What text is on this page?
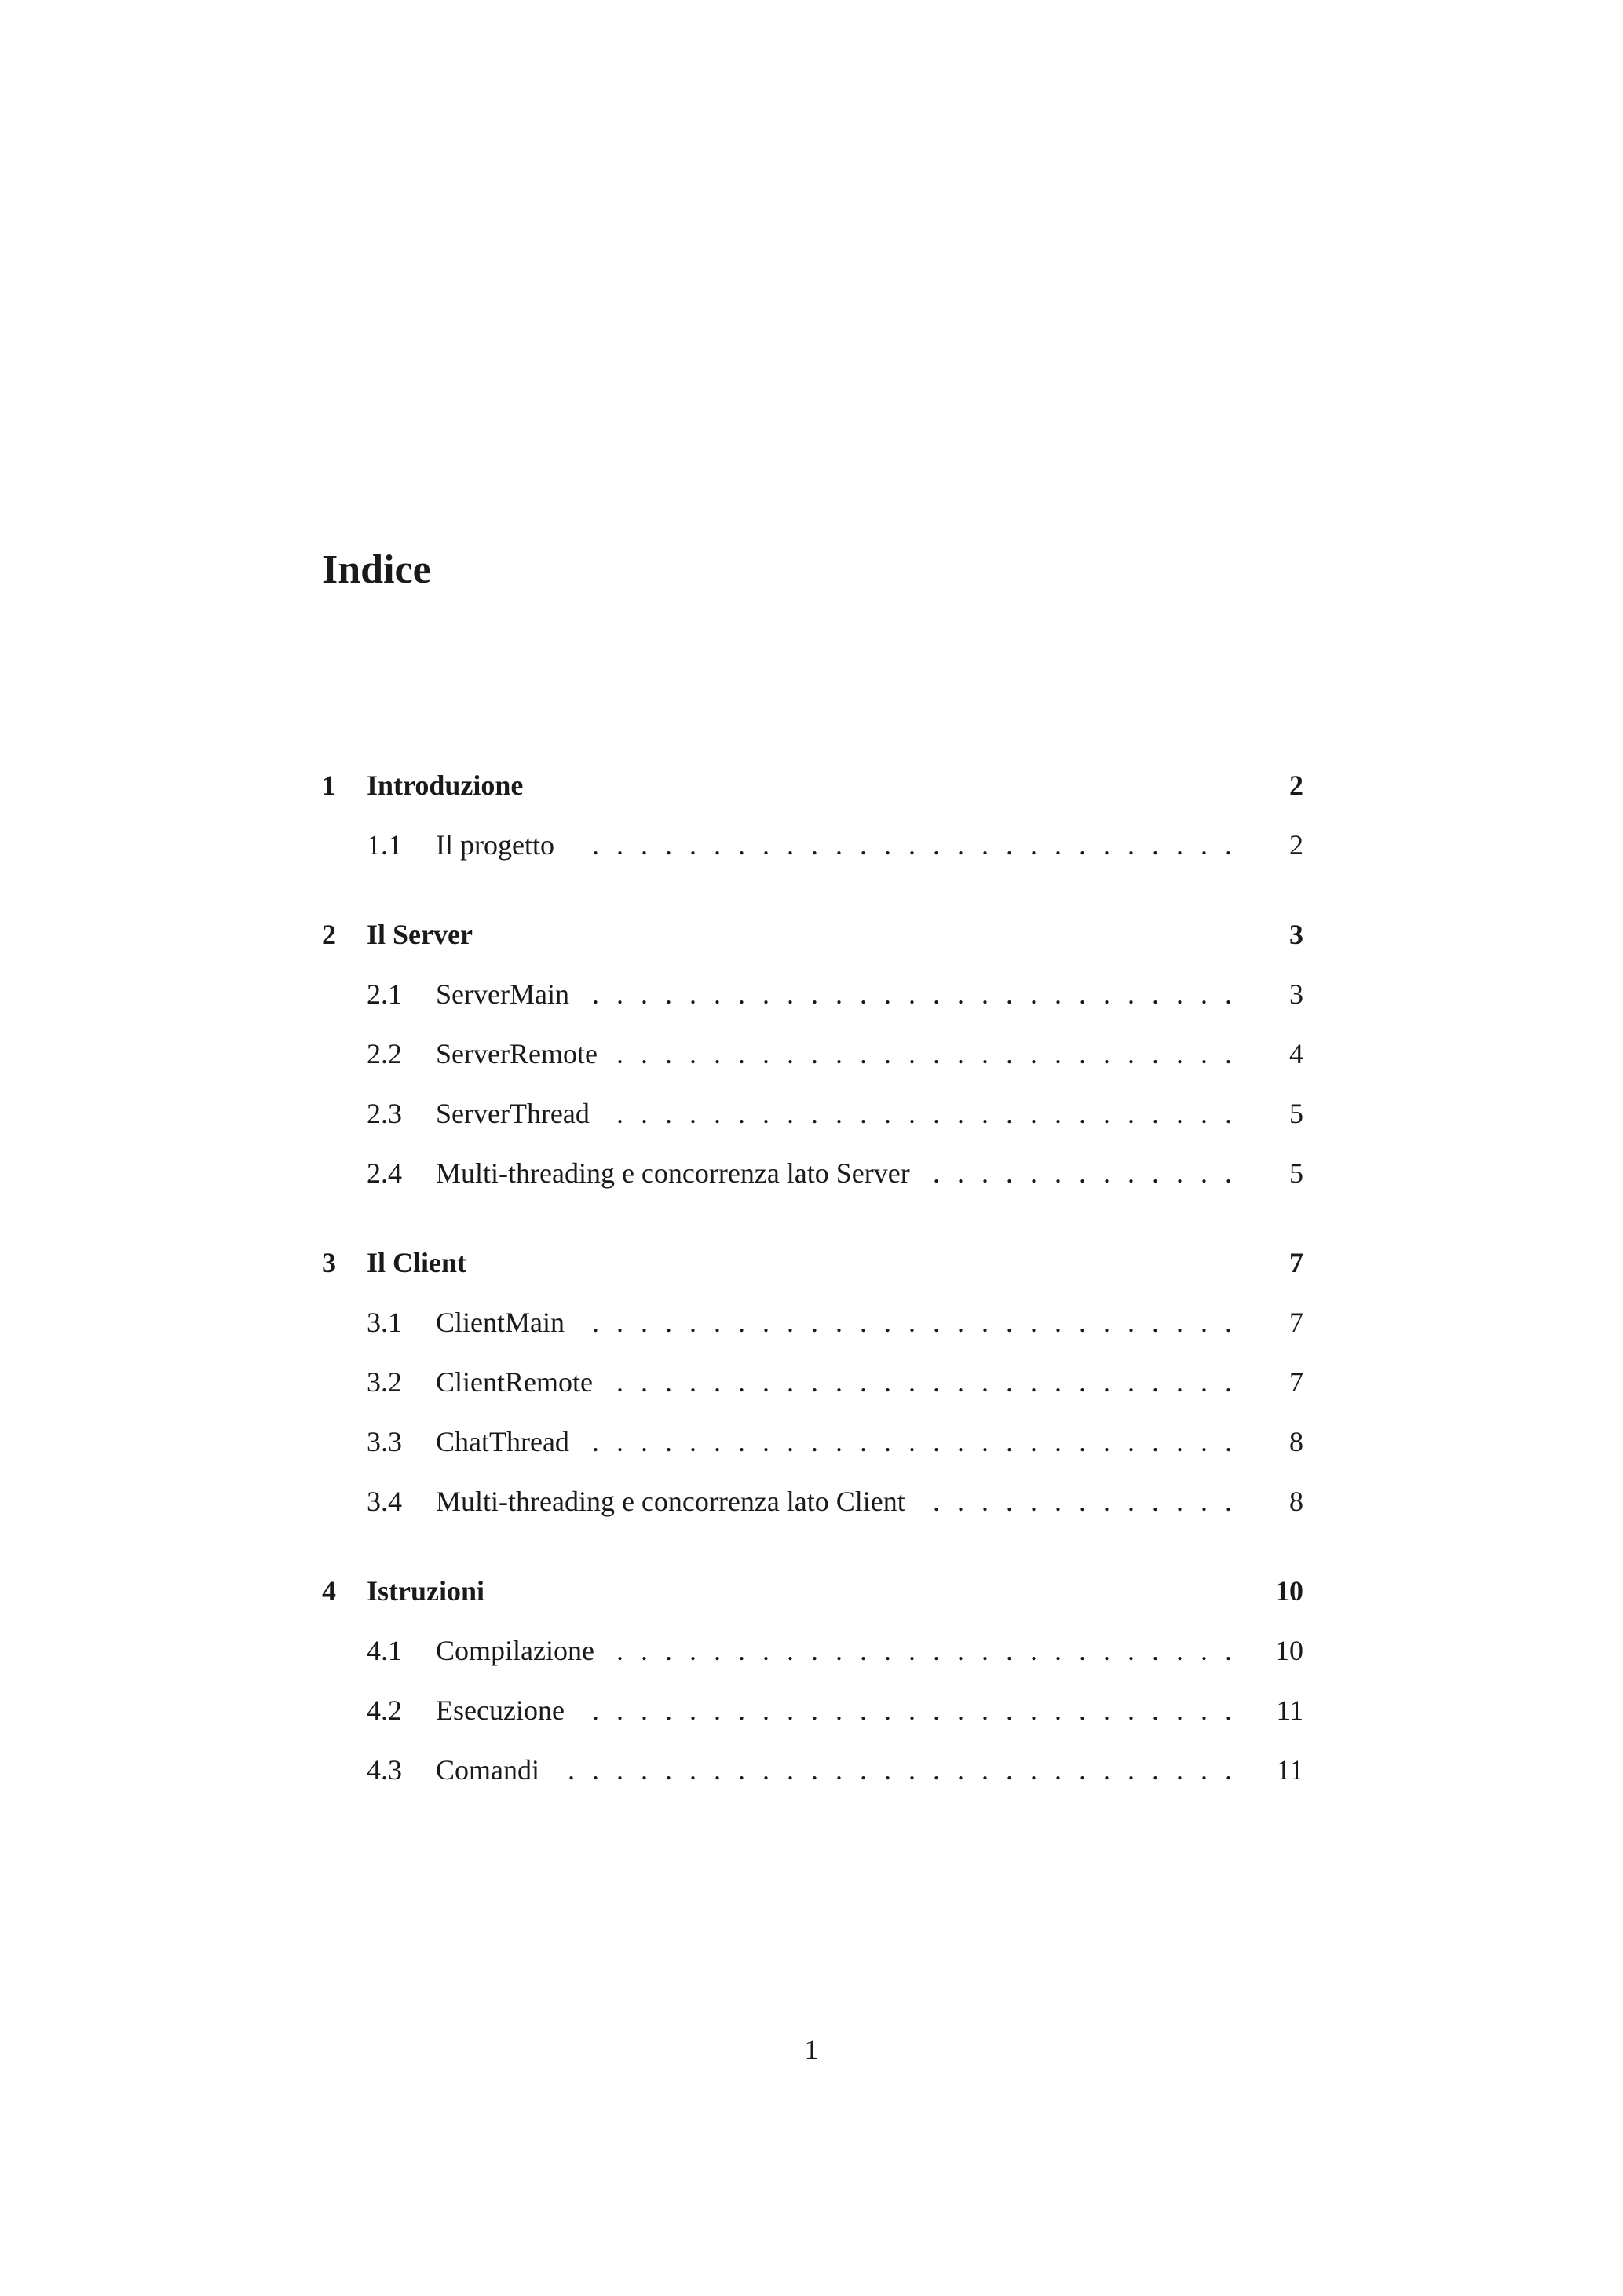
Indice
1 Introduzione	2
1.1 Il progetto	. . . . . . . . . . . . . . . . . . . . . . . . . . .	2
2 Il Server	3
2.1 ServerMain . . . . . . . . . . . . . . . . . . . . . . . . . . .	3
2.2 ServerRemote . . . . . . . . . . . . . . . . . . . . . . . . . .	4
2.3 ServerThread . . . . . . . . . . . . . . . . . . . . . . . . . .	5
2.4 Multi-threading e concorrenza lato Server . . . . . . . . . . . . .	5
3 Il Client	7
3.1 ClientMain . . . . . . . . . . . . . . . . . . . . . . . . . . .	7
3.2 ClientRemote . . . . . . . . . . . . . . . . . . . . . . . . . .	7
3.3 ChatThread . . . . . . . . . . . . . . . . . . . . . . . . . . .	8
3.4 Multi-threading e concorrenza lato Client . . . . . . . . . . . . .	8
4 Istruzioni	10
4.1 Compilazione . . . . . . . . . . . . . . . . . . . . . . . . . .	10
4.2 Esecuzione . . . . . . . . . . . . . . . . . . . . . . . . . . .	11
4.3 Comandi	. . . . . . . . . . . . . . . . . . . . . . . . . . . .	11
1
